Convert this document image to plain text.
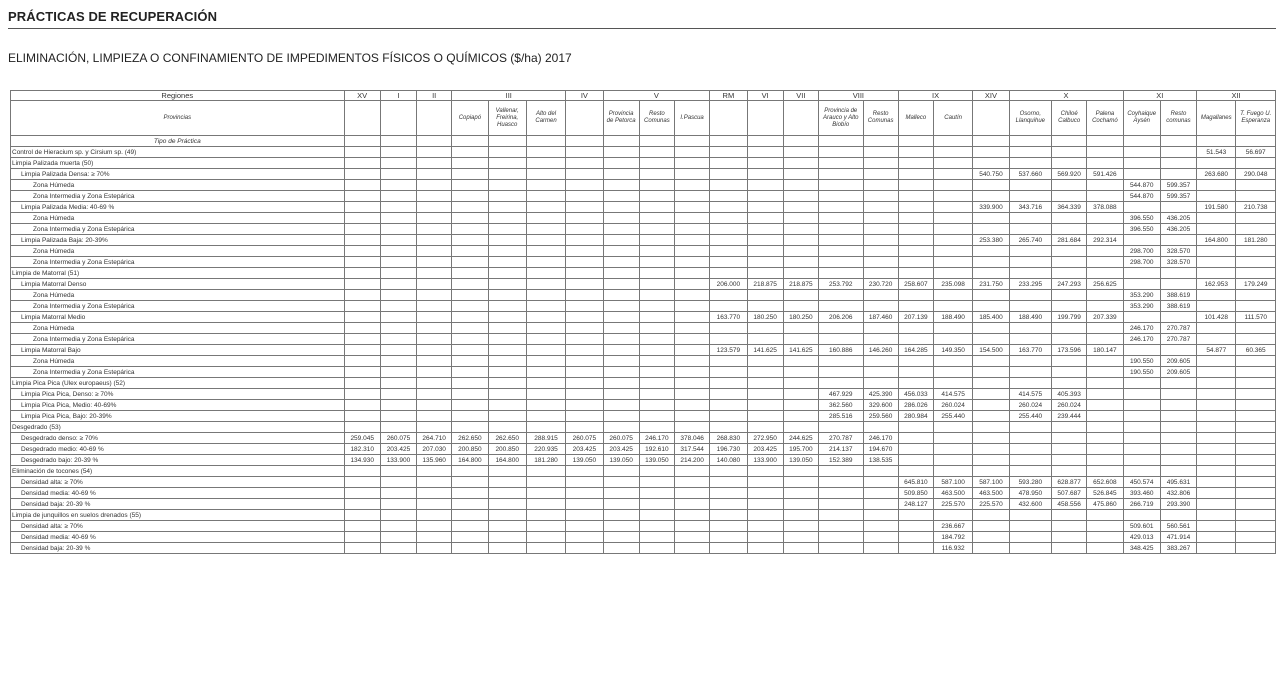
PRÁCTICAS DE RECUPERACIÓN
ELIMINACIÓN, LIMPIEZA O CONFINAMIENTO DE IMPEDIMENTOS FÍSICOS O QUÍMICOS ($/ha) 2017
Regiones	XV	I	II	III			IV	V			RM	VI	VII	VIII		IX		XIV	X			XI		XII	
Provincias				Copiapó	Vallenar, Freirina, Huasco	Alto del Carmen		Provincia de Petorca	Resto Comunas	I.Pascua				Provincia de Arauco y Alto Biobío	Resto Comunas	Malleco	Cautín		Osorno, Llanquihue	Chiloé Calbuco	Palena Cochamó	Coyhaique Aysén	Resto comunas	Magallanes	T. Fuego U. Esperanza
Tipo de Práctica																									
Control de Hieracium sp. y Cirsium sp. (49)																								51.543	56.697
Limpia Palizada muerta (50)																									
Limpia Palizada Densa: ≥ 70%																		540.750	537.660	569.920	591.426			263.680	290.048
Zona Húmeda																						544.870	599.357		
Zona Intermedia y Zona Estepárica																						544.870	599.357		
Limpia Palizada Media: 40-69 %																		339.900	343.716	364.339	378.088			191.580	210.738
Zona Húmeda																						396.550	436.205		
Zona Intermedia y Zona Estepárica																						396.550	436.205		
Limpia Palizada Baja: 20-39%																		253.380	265.740	281.684	292.314			164.800	181.280
Zona Húmeda																						298.700	328.570		
Zona Intermedia y Zona Estepárica																						298.700	328.570		
Limpia de Matorral (51)																									
Limpia Matorral Denso											206.000	218.875	218.875	253.792	230.720	258.607	235.098	231.750	233.295	247.293	256.625			162.953	179.249
Zona Húmeda																						353.290	388.619		
Zona Intermedia y Zona Estepárica																						353.290	388.619		
Limpia Matorral Medio											163.770	180.250	180.250	206.206	187.460	207.139	188.490	185.400	188.490	199.799	207.339			101.428	111.570
Zona Húmeda																						246.170	270.787		
Zona Intermedia y Zona Estepárica																						246.170	270.787		
Limpia Matorral Bajo											123.579	141.625	141.625	160.886	146.260	164.285	149.350	154.500	163.770	173.596	180.147			54.877	60.365
Zona Húmeda																						190.550	209.605		
Zona Intermedia y Zona Estepárica																						190.550	209.605		
Limpia Pica Pica (Ulex europaeus) (52)																									
Limpia Pica Pica, Denso: ≥ 70%														467.929	425.390	456.033	414.575		414.575	405.393					
Limpia Pica Pica, Medio: 40-69%														362.560	329.600	286.026	260.024		260.024	260.024					
Limpia Pica Pica, Bajo: 20-39%														285.516	259.560	280.984	255.440		255.440	239.444					
Desgedrado (53)																									
Desgedrado denso: ≥ 70%	259.045	260.075	264.710	262.650	262.650	288.915	260.075	260.075	246.170	378.046	268.830	272.950	244.625	270.787	246.170										
Desgedrado medio: 40-69 %	182.310	203.425	207.030	200.850	200.850	220.935	203.425	203.425	192.610	317.544	196.730	203.425	195.700	214.137	194.670										
Desgedrado bajo: 20-39 %	134.930	133.900	135.960	164.800	164.800	181.280	139.050	139.050	139.050	214.200	140.080	133.900	139.050	152.389	138.535										
Eliminación de tocones (54)																									
Densidad alta: ≥ 70%																645.810	587.100	587.100	593.280	628.877	652.608	450.574	495.631		
Densidad media: 40-69 %																509.850	463.500	463.500	478.950	507.687	526.845	393.460	432.806		
Densidad baja: 20-39 %																248.127	225.570	225.570	432.600	458.556	475.860	266.719	293.390		
Limpia de junquillos en suelos drenados (55)																									
Densidad alta: ≥ 70%																	236.667					509.601	560.561		
Densidad media: 40-69 %																	184.792					429.013	471.914		
Densidad baja: 20-39 %																	116.932					348.425	383.267		
